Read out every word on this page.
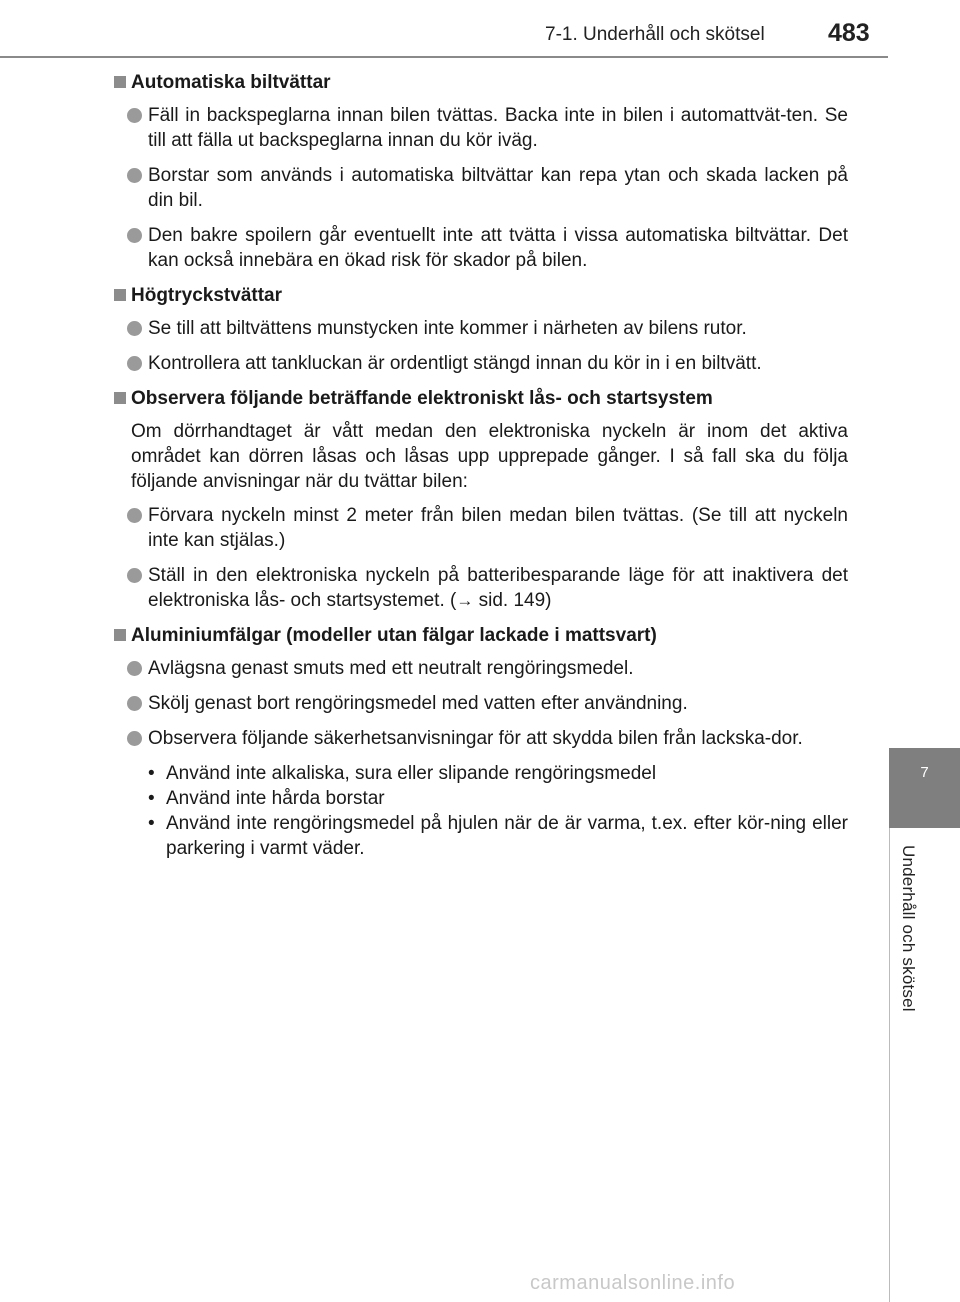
7-1. Underhåll och skötsel	483
7
Underhåll och skötsel
Automatiska biltvättar
Fäll in backspeglarna innan bilen tvättas. Backa inte in bilen i automattvät-ten. Se till att fälla ut backspeglarna innan du kör iväg.
Borstar som används i automatiska biltvättar kan repa ytan och skada lacken på din bil.
Den bakre spoilern går eventuellt inte att tvätta i vissa automatiska biltvättar. Det kan också innebära en ökad risk för skador på bilen.
Högtryckstvättar
Se till att biltvättens munstycken inte kommer i närheten av bilens rutor.
Kontrollera att tankluckan är ordentligt stängd innan du kör in i en biltvätt.
Observera följande beträffande elektroniskt lås- och startsystem
Om dörrhandtaget är vått medan den elektroniska nyckeln är inom det aktiva området kan dörren låsas och låsas upp upprepade gånger. I så fall ska du följa följande anvisningar när du tvättar bilen:
Förvara nyckeln minst 2 meter från bilen medan bilen tvättas. (Se till att nyckeln inte kan stjälas.)
Ställ in den elektroniska nyckeln på batteribesparande läge för att inaktivera det elektroniska lås- och startsystemet. (→ sid. 149)
Aluminiumfälgar (modeller utan fälgar lackade i mattsvart)
Avlägsna genast smuts med ett neutralt rengöringsmedel.
Skölj genast bort rengöringsmedel med vatten efter användning.
Observera följande säkerhetsanvisningar för att skydda bilen från lackska-dor.
• Använd inte alkaliska, sura eller slipande rengöringsmedel
• Använd inte hårda borstar
• Använd inte rengöringsmedel på hjulen när de är varma, t.ex. efter kör-ning eller parkering i varmt väder.
carmanualsonline.info
